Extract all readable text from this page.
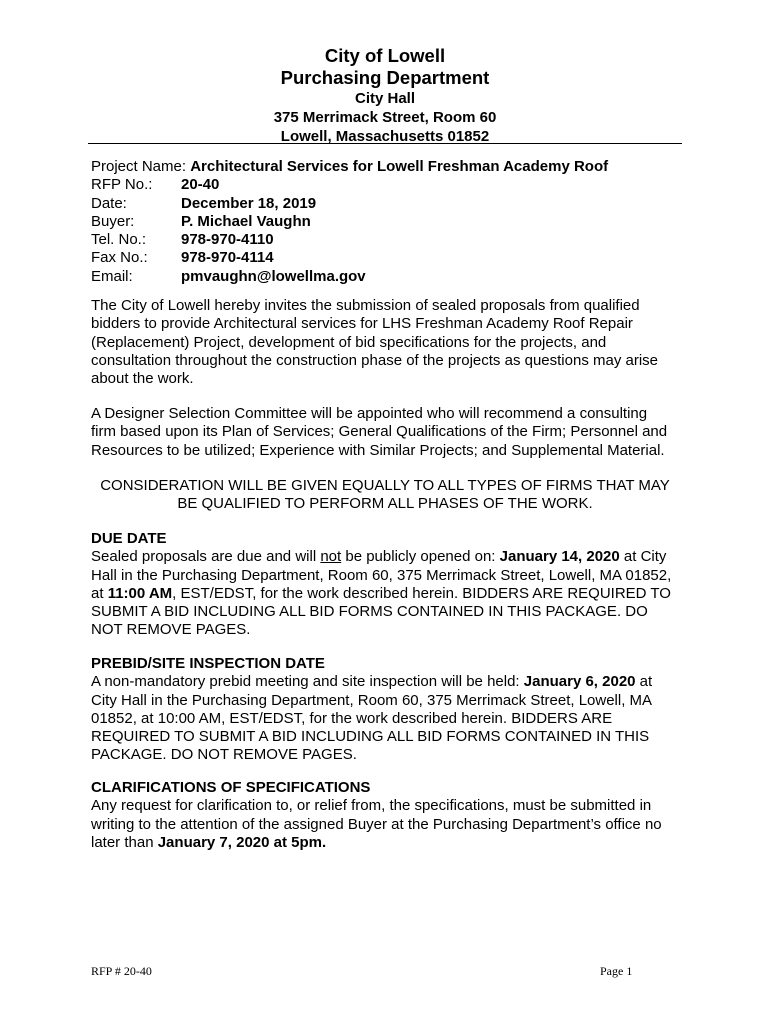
City of Lowell
Purchasing Department
City Hall
375 Merrimack Street, Room 60
Lowell, Massachusetts 01852
Project Name: Architectural Services for Lowell Freshman Academy Roof
RFP No.: 20-40
Date:	December 18, 2019
Buyer:	P. Michael Vaughn
Tel. No.: 978-970-4110
Fax No.: 978-970-4114
Email:	pmvaughn@lowellma.gov
The City of Lowell hereby invites the submission of sealed proposals from qualified
bidders to provide Architectural services for LHS Freshman Academy Roof Repair
(Replacement) Project, development of bid specifications for the projects, and
consultation throughout the construction phase of the projects as questions may arise
about the work.
A Designer Selection Committee will be appointed who will recommend a consulting
firm based upon its Plan of Services; General Qualifications of the Firm; Personnel and
Resources to be utilized; Experience with Similar Projects; and Supplemental Material.
CONSIDERATION WILL BE GIVEN EQUALLY TO ALL TYPES OF FIRMS THAT MAY
BE QUALIFIED TO PERFORM ALL PHASES OF THE WORK.
DUE DATE
Sealed proposals are due and will not be publicly opened on: January 14, 2020 at City
Hall in the Purchasing Department, Room 60, 375 Merrimack Street, Lowell, MA 01852,
at 11:00 AM, EST/EDST, for the work described herein. BIDDERS ARE REQUIRED TO
SUBMIT A BID INCLUDING ALL BID FORMS CONTAINED IN THIS PACKAGE. DO
NOT REMOVE PAGES.
PREBID/SITE INSPECTION DATE
A non-mandatory prebid meeting and site inspection will be held: January 6, 2020 at
City Hall in the Purchasing Department, Room 60, 375 Merrimack Street, Lowell, MA
01852, at 10:00 AM, EST/EDST, for the work described herein. BIDDERS ARE
REQUIRED TO SUBMIT A BID INCLUDING ALL BID FORMS CONTAINED IN THIS
PACKAGE. DO NOT REMOVE PAGES.
CLARIFICATIONS OF SPECIFICATIONS
Any request for clarification to, or relief from, the specifications, must be submitted in
writing to the attention of the assigned Buyer at the Purchasing Department’s office no
later than January 7, 2020 at 5pm.
RFP # 20-40	Page 1
